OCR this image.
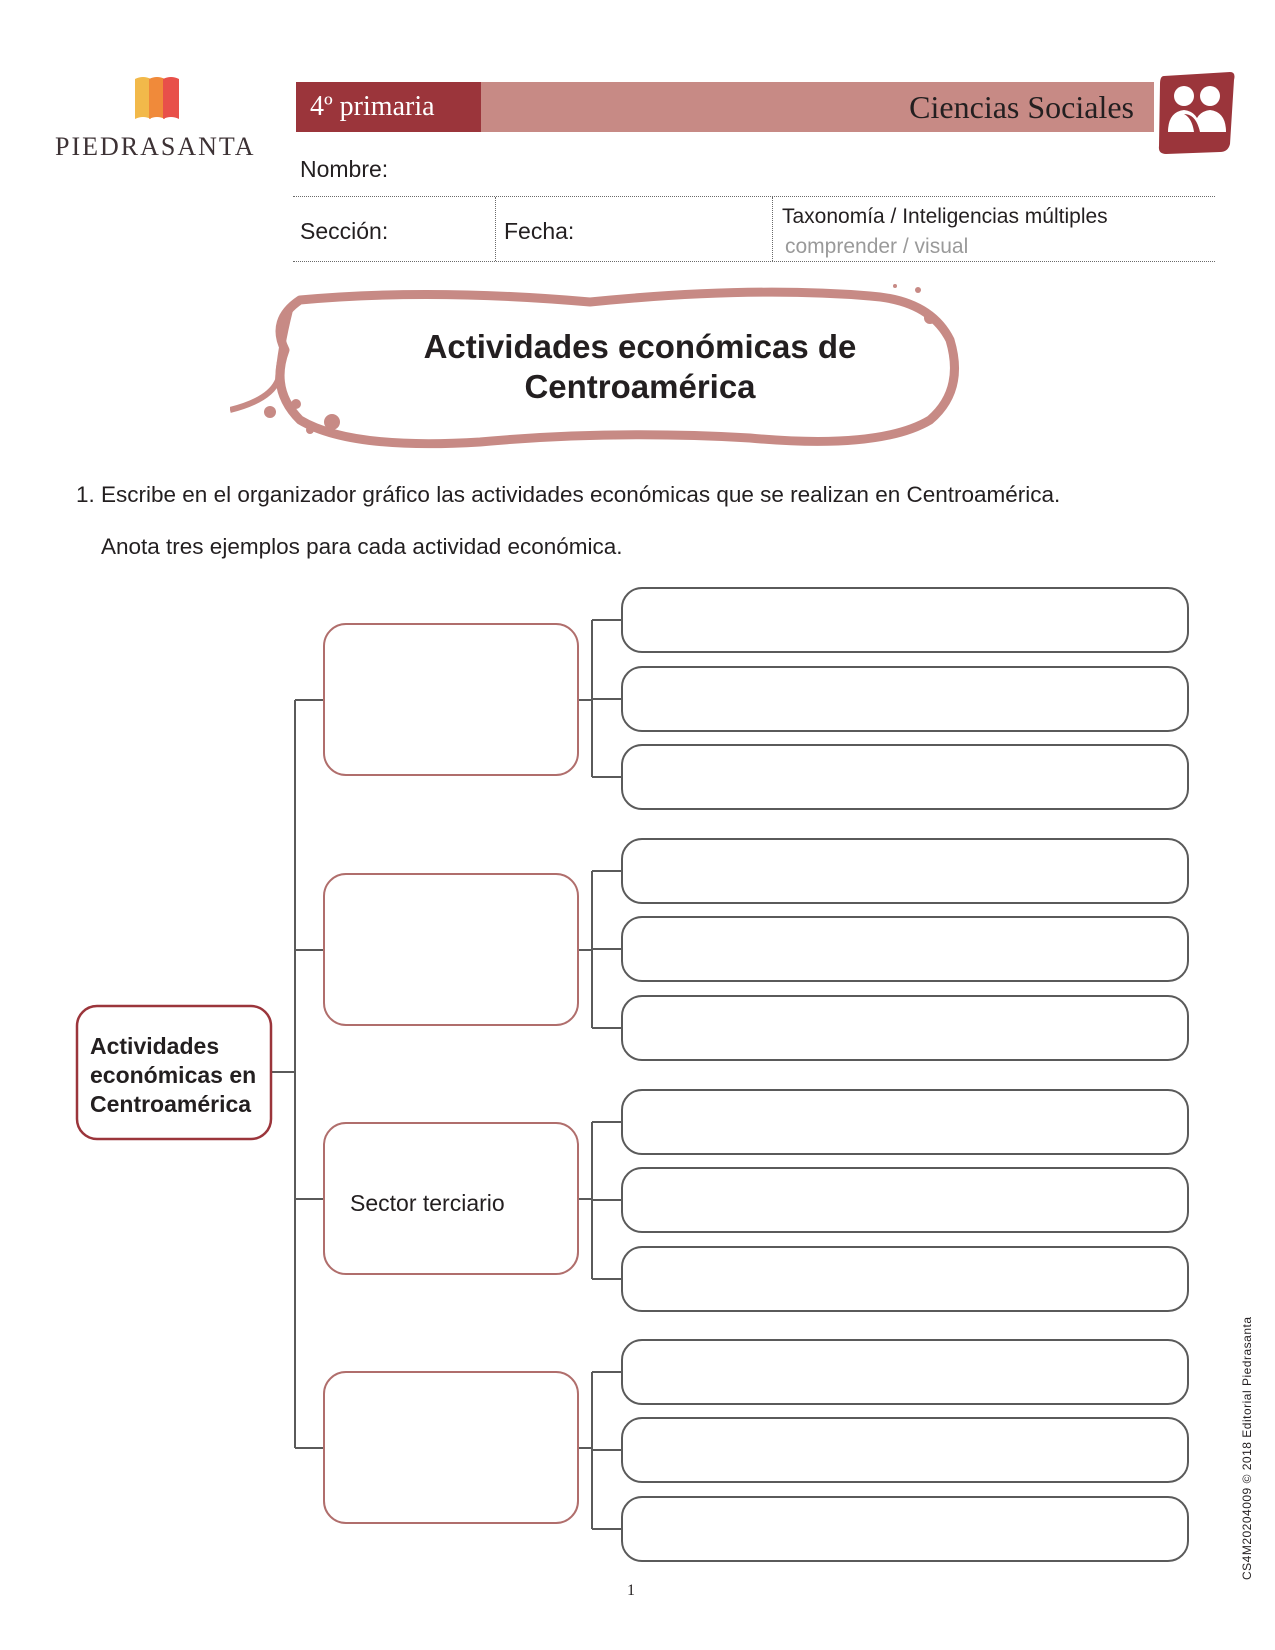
PIEDRASANTA
4º primaria	Ciencias Sociales
Nombre:
Sección:	Fecha:
Taxonomía / Inteligencias múltiples
comprender / visual
Actividades económicas de
Centroamérica
1. Escribe en el organizador gráfico las actividades económicas que se realizan en Centroamérica.
Anota tres ejemplos para cada actividad económica.
Actividades económicas en Centroamérica
Sector terciario
CS4M20204009 © 2018 Editorial Piedrasanta
1
